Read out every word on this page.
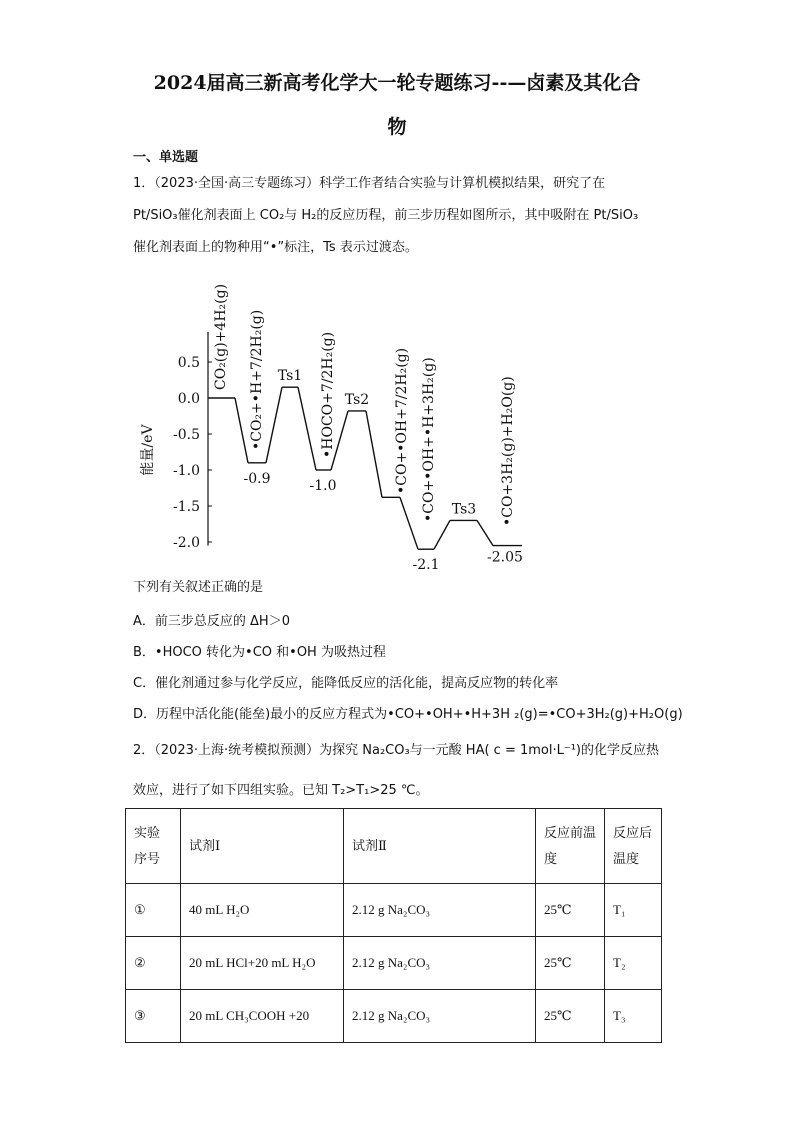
2024届高三新高考化学大一轮专题练习--—卤素及其化合
物
一、单选题
1．（2023·全国·高三专题练习）科学工作者结合实验与计算机模拟结果，研究了在
Pt/SiO₃催化剂表面上 CO₂与 H₂的反应历程，前三步历程如图所示，其中吸附在 Pt/SiO₃
催化剂表面上的物种用“•”标注，Ts 表示过渡态。
能量/eV
0.5
0.0
-0.5
-1.0
-1.5
-2.0
CO₂(g)+4H₂(g) •CO₂+•H+7/2H₂(g)	•HOCO+7/2H₂(g)	•CO+•OH+7/2H₂(g) •CO+•OH+•H+3H₂(g)	•CO+3H₂(g)+H₂O(g)
Ts1
Ts2
Ts3
-0.9	-1.0
-2.1	-2.05
下列有关叙述正确的是
A．前三步总反应的 ΔH＞0
B．•HOCO 转化为•CO 和•OH 为吸热过程
C．催化剂通过参与化学反应，能降低反应的活化能，提高反应物的转化率
D．历程中活化能(能垒)最小的反应方程式为•CO+•OH+•H+3H ₂(g)=•CO+3H₂(g)+H₂O(g)
2．（2023·上海·统考模拟预测）为探究 Na₂CO₃与一元酸 HA( c = 1mol·L⁻¹)的化学反应热
效应，进行了如下四组实验。已知 T₂>T₁>25 ℃。
实验序号	试剂Ⅰ	试剂Ⅱ	反应前温度	反应后温度
①	40 mL H₂O	2.12 g Na₂CO₃	25℃	T₁
②	20 mL HCl+20 mL H₂O	2.12 g Na₂CO₃	25℃	T₂
③	20 mL CH₃COOH +20	2.12 g Na₂CO₃	25℃	T₃
